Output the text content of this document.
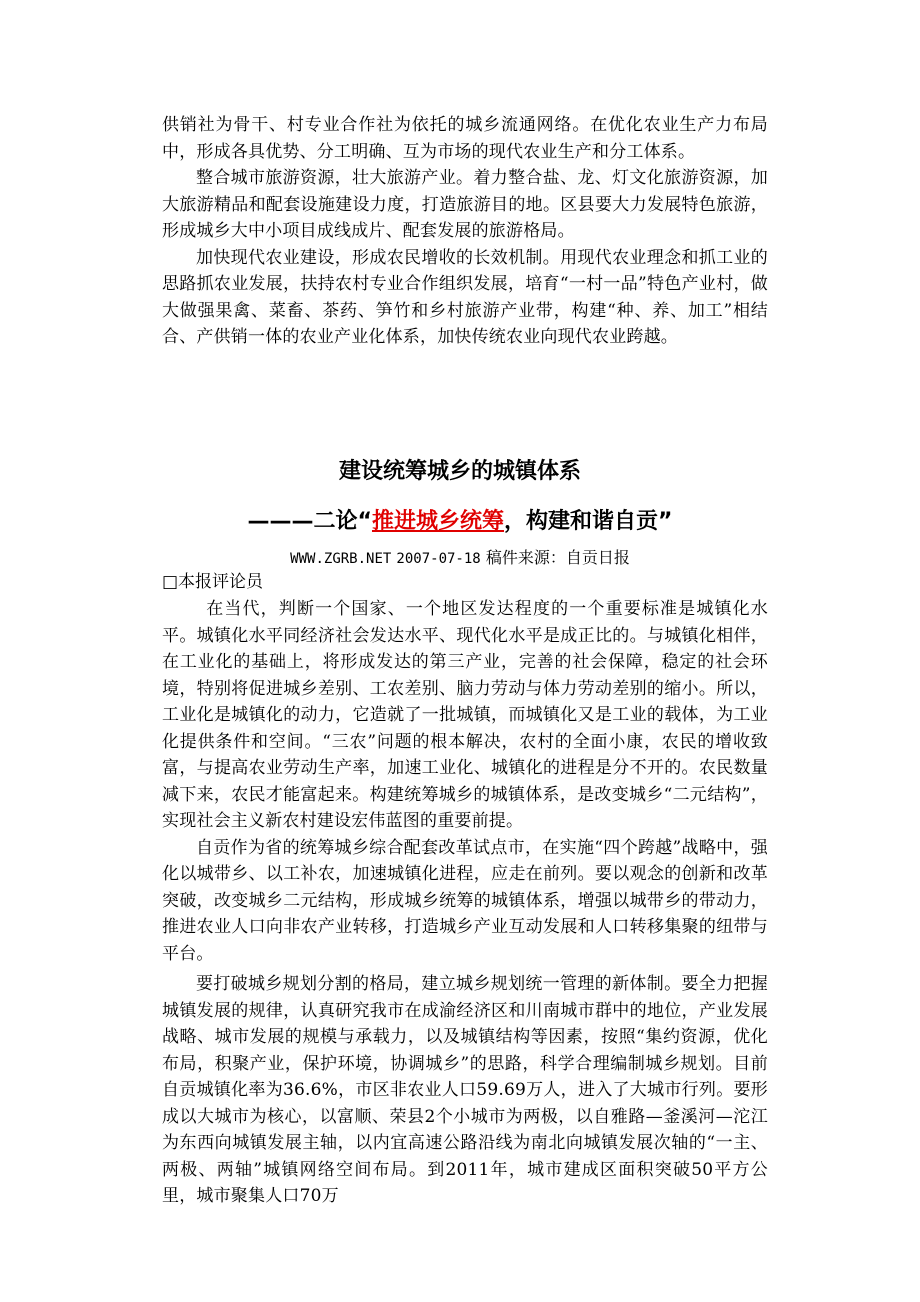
供销社为骨干、村专业合作社为依托的城乡流通网络。在优化农业生产力布局中，形成各具优势、分工明确、互为市场的现代农业生产和分工体系。

整合城市旅游资源，壮大旅游产业。着力整合盐、龙、灯文化旅游资源，加大旅游精品和配套设施建设力度，打造旅游目的地。区县要大力发展特色旅游，形成城乡大中小项目成线成片、配套发展的旅游格局。

加快现代农业建设，形成农民增收的长效机制。用现代农业理念和抓工业的思路抓农业发展，扶持农村专业合作组织发展，培育“一村一品”特色产业村，做大做强果禽、菜畜、茶药、笋竹和乡村旅游产业带，构建“种、养、加工”相结合、产供销一体的农业产业化体系，加快传统农业向现代农业跨越。

建设统筹城乡的城镇体系
———二论“推进城乡统筹，构建和谐自贡”
WWW.ZGRB.NET 2007-07-18 稿件来源：自贡日报
□本报评论员

在当代，判断一个国家、一个地区发达程度的一个重要标准是城镇化水平。城镇化水平同经济社会发达水平、现代化水平是成正比的。与城镇化相伴，在工业化的基础上，将形成发达的第三产业，完善的社会保障，稳定的社会环境，特别将促进城乡差别、工农差别、脑力劳动与体力劳动差别的缩小。所以，工业化是城镇化的动力，它造就了一批城镇，而城镇化又是工业的载体，为工业化提供条件和空间。“三农”问题的根本解决，农村的全面小康，农民的增收致富，与提高农业劳动生产率，加速工业化、城镇化的进程是分不开的。农民数量减下来，农民才能富起来。构建统筹城乡的城镇体系，是改变城乡“二元结构”，实现社会主义新农村建设宏伟蓝图的重要前提。

自贡作为省的统筹城乡综合配套改革试点市，在实施“四个跨越”战略中，强化以城带乡、以工补农，加速城镇化进程，应走在前列。要以观念的创新和改革突破，改变城乡二元结构，形成城乡统筹的城镇体系，增强以城带乡的带动力，推进农业人口向非农产业转移，打造城乡产业互动发展和人口转移集聚的纽带与平台。

要打破城乡规划分割的格局，建立城乡规划统一管理的新体制。要全力把握城镇发展的规律，认真研究我市在成渝经济区和川南城市群中的地位，产业发展战略、城市发展的规模与承载力，以及城镇结构等因素，按照“集约资源，优化布局，积聚产业，保护环境，协调城乡”的思路，科学合理编制城乡规划。目前自贡城镇化率为36.6%，市区非农业人口59.69万人，进入了大城市行列。要形成以大城市为核心，以富顺、荣县2个小城市为两极，以自雅路—釜溪河—沱江为东西向城镇发展主轴，以内宜高速公路沿线为南北向城镇发展次轴的“一主、两极、两轴”城镇网络空间布局。到2011年，城市建成区面积突破50平方公里，城市聚集人口70万
